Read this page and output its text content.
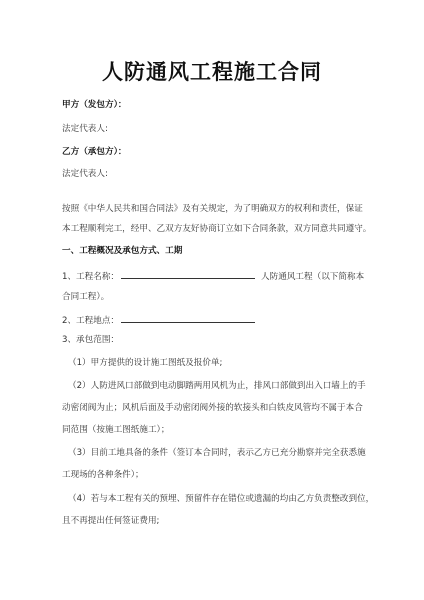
人防通风工程施工合同
甲方（发包方）：
法定代表人:
乙方（承包方）：
法定代表人:
按照《中华人民共和国合同法》及有关规定，为了明确双方的权利和责任，保证
本工程顺利完工，经甲、乙双方友好协商订立如下合同条款，双方同意共同遵守。
一、工程概况及承包方式、工期
1、工程名称：	人防通风工程（以下简称本
合同工程）。
2、工程地点：
3、承包范围：
（1）甲方提供的设计施工图纸及报价单;
（2）人防进风口部做到电动脚踏两用风机为止，排风口部做到出入口墙上的手
动密闭阀为止；风机后面及手动密闭阀外接的软接头和白铁皮风管均不属于本合
同范围（按施工图纸施工）；
（3）目前工地具备的条件（签订本合同时，表示乙方已充分勘察并完全获悉施
工现场的各种条件）；
（4）若与本工程有关的预埋、预留件存在错位或遗漏的均由乙方负责整改到位，
且不再提出任何签证费用;
